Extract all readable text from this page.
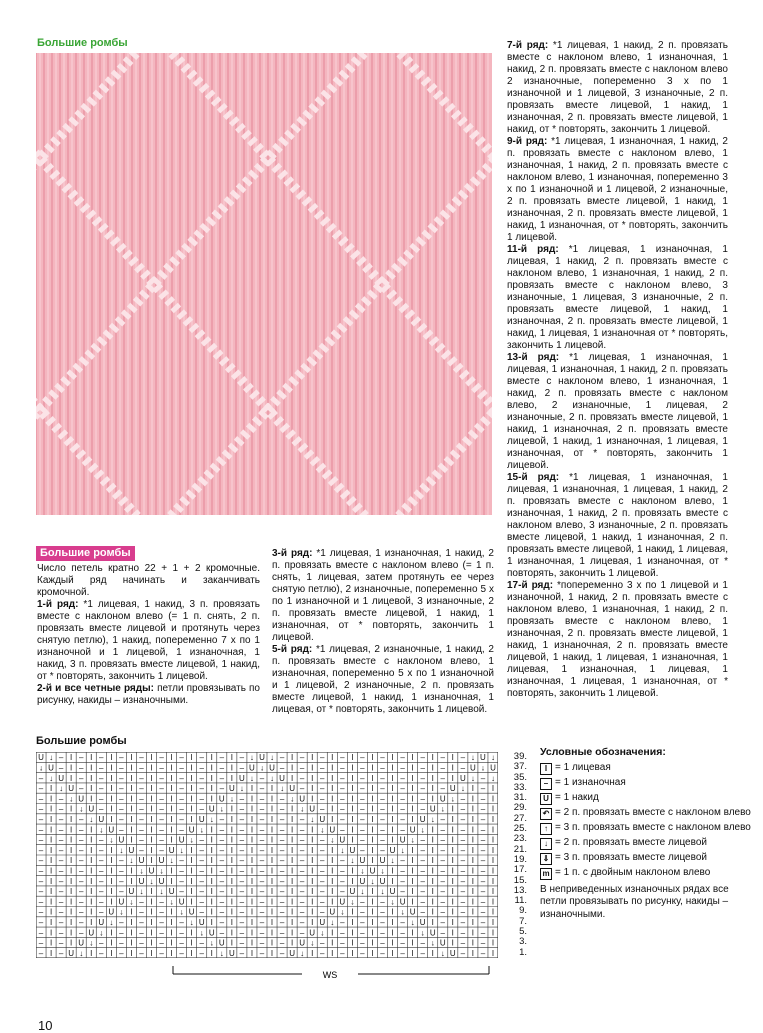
Большие ромбы
Большие ромбы

Число петель кратно 22 + 1 + 2 кромочные. Каждый ряд начинать и заканчивать кромочной.

1-й ряд: *1 лицевая, 1 накид, 3 п. провязать вместе с наклоном влево (= 1 п. снять, 2 п. провязать вместе лицевой и протянуть через снятую петлю), 1 накид, попеременно 7 х по 1 изнаночной и 1 лицевой, 1 изнаночная, 1 накид, 3 п. провязать вместе лицевой, 1 накид, от * повторять, закончить 1 лицевой.

2-й и все четные ряды: петли провязывать по рисунку, накиды – изнаночными.

3-й ряд: *1 лицевая, 1 изнаночная, 1 накид, 2 п. провязать вместе с наклоном влево (= 1 п. снять, 1 лицевая, затем протянуть ее через снятую петлю), 2 изнаночные, попеременно 5 х по 1 изнаночной и 1 лицевой, 3 изнаночные, 2 п. провязать вместе лицевой, 1 накид, 1 изнаночная, от * повторять, закончить 1 лицевой.

5-й ряд: *1 лицевая, 2 изнаночные, 1 накид, 2 п. провязать вместе с наклоном влево, 1 изнаночная, попеременно 5 х по 1 изнаночной и 1 лицевой, 2 изнаночные, 2 п. провязать вместе лицевой, 1 накид, 1 изнаночная, 1 лицевая, от * повторять, закончить 1 лицевой.

7-й ряд: *1 лицевая, 1 накид, 2 п. провязать вместе с наклоном влево, 1 изнаночная, 1 накид, 2 п. провязать вместе с наклоном влево 2 изнаночные, попеременно 3 х по 1 изнаночной и 1 лицевой, 3 изнаночные, 2 п. провязать вместе лицевой, 1 накид, 1 изнаночная, 2 п. провязать вместе лицевой, 1 накид, от * повторять, закончить 1 лицевой.

9-й ряд: *1 лицевая, 1 изнаночная, 1 накид, 2 п. провязать вместе с наклоном влево, 1 изнаночная, 1 накид, 2 п. провязать вместе с наклоном влево, 1 изнаночная, попеременно 3 х по 1 изнаночной и 1 лицевой, 2 изнаночные, 2 п. провязать вместе лицевой, 1 накид, 1 изнаночная, 2 п. провязать вместе лицевой, 1 накид, 1 изнаночная, от * повторять, закончить 1 лицевой.

11-й ряд: *1 лицевая, 1 изнаночная, 1 лицевая, 1 накид, 2 п. провязать вместе с наклоном влево, 1 изнаночная, 1 накид, 2 п. провязать вместе с наклоном влево, 3 изнаночные, 1 лицевая, 3 изнаночные, 2 п. провязать вместе лицевой, 1 накид, 1 изнаночная, 2 п. провязать вместе лицевой, 1 накид, 1 лицевая, 1 изнаночная от * повторять, закончить 1 лицевой.

13-й ряд: *1 лицевая, 1 изнаночная, 1 лицевая, 1 изнаночная, 1 накид, 2 п. провязать вместе с наклоном влево, 1 изнаночная, 1 накид, 2 п. провязать вместе с наклоном влево, 2 изнаночные, 1 лицевая, 2 изнаночные, 2 п. провязать вместе лицевой, 1 накид, 1 изнаночная, 2 п. провязать вместе лицевой, 1 накид, 1 изнаночная, 1 лицевая, 1 изнаночная, от * повторять, закончить 1 лицевой.

15-й ряд: *1 лицевая, 1 изнаночная, 1 лицевая, 1 изнаночная, 1 лицевая, 1 накид, 2 п. провязать вместе с наклоном влево, 1 изнаночная, 1 накид, 2 п. провязать вместе с наклоном влево, 3 изнаночные, 2 п. провязать вместе лицевой, 1 накид, 1 изнаночная, 2 п. провязать вместе лицевой, 1 накид, 1 лицевая, 1 изнаночная, 1 лицевая, 1 изнаночная, от * повторять, закончить 1 лицевой.

17-й ряд: *попеременно 3 х по 1 лицевой и 1 изнаночной, 1 накид, 2 п. провязать вместе с наклоном влево, 1 изнаночная, 1 накид, 2 п. провязать вместе с наклоном влево, 1 изнаночная, 2 п. провязать вместе лицевой, 1 накид, 1 изнаночная, 2 п. провязать вместе лицевой, 1 накид, 1 лицевая, 1 изнаночная, 1 лицевая, 1 изнаночная, 1 лицевая, 1 изнаночная, 1 лицевая, 1 изнаночная, от * повторять, закончить 1 лицевой.

Большие ромбы
U ↓ – I – I – I – I – I – I – I – I – I – ↓ U ↓ – I – I – I – I – I – I – I – I – I – ↓ U ↓
↓ U – I – I – I – I – I – I – I – I – I – U ↓ U – I – I – I – I – I – I – I – I – I – U ↓ U
– ↓ U I – I – I – I – I – I – I – I – I U ↓ – ↓ U I – I – I – I – I – I – I – I – I U ↓ – ↓
– I ↓ U – I – I – I – I – I – I – I – U ↓ I – I ↓ U – I – I – I – I – I – I – I – U ↓ I – I
– I – ↓ U I – I – I – I – I – I – I U ↓ – I – I – ↓ U I – I – I – I – I – I – I U ↓ – I – I
– I – I ↓ U – I – I – I – I – I – U ↓ I – I – I – I ↓ U – I – I – I – I – I – U ↓ I – I – I
– I – I – ↓ U I – I – I – I – I U ↓ – I – I – I – I – ↓ U I – I – I – I – I U ↓ – I – I – I
– I – I – I ↓ U – I – I – I – U ↓ I – I – I – I – I – I ↓ U – I – I – I – U ↓ I – I – I – I
– I – I – I – ↓ U I – I – I U ↓ – I – I – I – I – I – I – ↓ U I – I – I U ↓ – I – I – I – I
– I – I – I – I ↓ U – I – U ↓ I – I – I – I – I – I – I – I ↓ U – I – U ↓ I – I – I – I – I
– I – I – I – I – ↓ U I U ↓ – I – I – I – I – I – I – I – I – ↓ U I U ↓ – I – I – I – I – I
– I – I – I – I – I ↓ U ↓ I – I – I – I – I – I – I – I – I – I ↓ U ↓ I – I – I – I – I – I
– I – I – I – I – I U ↓ U I – I – I – I – I – I – I – I – I – I U ↓ U I – I – I – I – I – I
– I – I – I – I – U ↓ I ↓ U – I – I – I – I – I – I – I – I – U ↓ I ↓ U – I – I – I – I – I
– I – I – I – I U ↓ – I – ↓ U I – I – I – I – I – I – I – I U ↓ – I – ↓ U I – I – I – I – I
– I – I – I – U ↓ I – I – I ↓ U – I – I – I – I – I – I – U ↓ I – I – I ↓ U – I – I – I – I
– I – I – I U ↓ – I – I – I – ↓ U I – I – I – I – I – I U ↓ – I – I – I – ↓ U I – I – I – I
– I – I – U ↓ I – I – I – I – I ↓ U – I – I – I – I – U ↓ I – I – I – I – I ↓ U – I – I – I
– I – I U ↓ – I – I – I – I – I – ↓ U I – I – I – I U ↓ – I – I – I – I – I – ↓ U I – I – I
– I – U ↓ I – I – I – I – I – I – I ↓ U – I – I – U ↓ I – I – I – I – I – I – I ↓ U – I – I
39.
37.
35.
33.
31.
29.
27.
25.
23.
21.
19.
17.
15.
13.
11.
9.
7.
5.
3.
1.
WS
Условные обозначения:
I = 1 лицевая
– = 1 изнаночная
U = 1 накид
↶ = 2 п. провязать вместе с наклоном влево
↑ = 3 п. провязать вместе с наклоном влево
↓ = 2 п. провязать вместе лицевой
⇓ = 3 п. провязать вместе лицевой
m = 1 п. с двойным наклоном влево
В неприведенных изнаночных рядах все петли провязывать по рисунку, накиды – изнаночными.
10
